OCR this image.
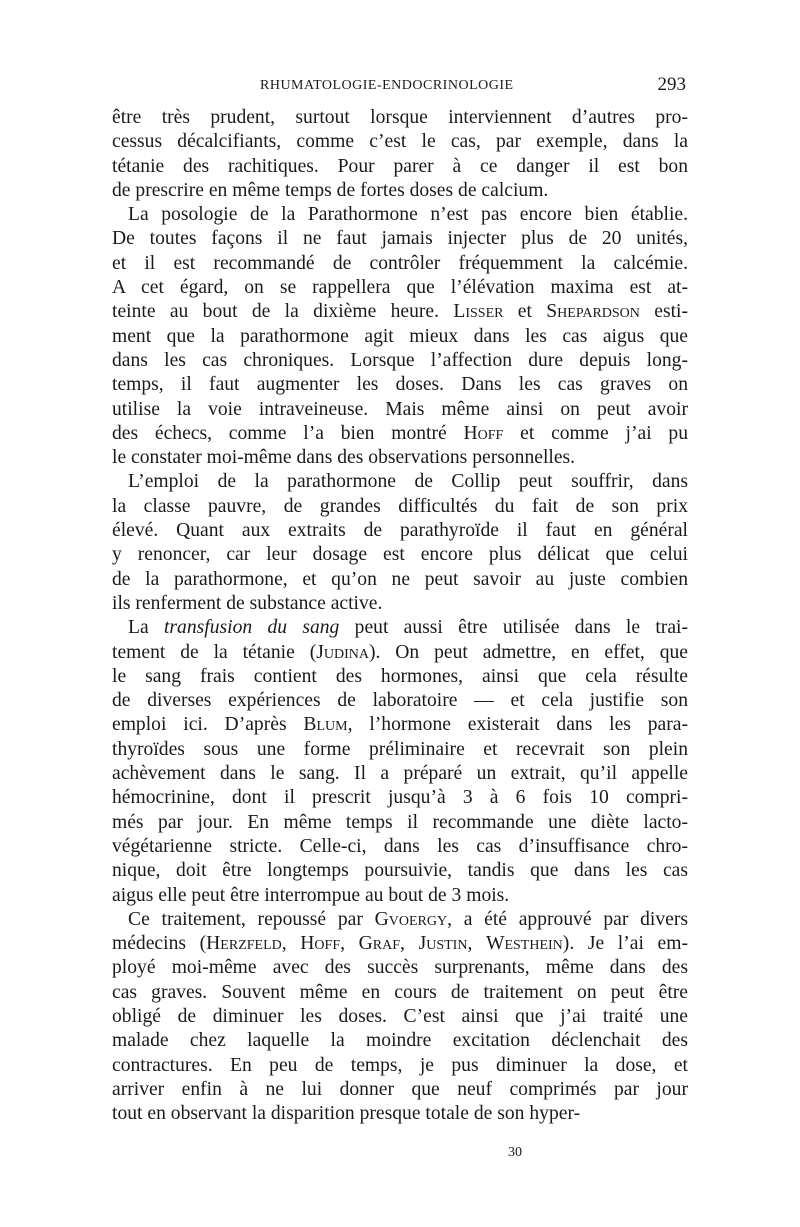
RHUMATOLOGIE-ENDOCRINOLOGIE	293

être très prudent, surtout lorsque interviennent d’autres pro-
cessus décalcifiants, comme c’est le cas, par exemple, dans la
tétanie des rachitiques. Pour parer à ce danger il est bon
de prescrire en même temps de fortes doses de calcium.

La posologie de la Parathormone n’est pas encore bien établie.
De toutes façons il ne faut jamais injecter plus de 20 unités,
et il est recommandé de contrôler fréquemment la calcémie.
A cet égard, on se rappellera que l’élévation maxima est at-
teinte au bout de la dixième heure. Lisser et Shepardson esti-
ment que la parathormone agit mieux dans les cas aigus que
dans les cas chroniques. Lorsque l’affection dure depuis long-
temps, il faut augmenter les doses. Dans les cas graves on
utilise la voie intraveineuse. Mais même ainsi on peut avoir
des échecs, comme l’a bien montré Hoff et comme j’ai pu
le constater moi-même dans des observations personnelles.

L’emploi de la parathormone de Collip peut souffrir, dans
la classe pauvre, de grandes difficultés du fait de son prix
élevé. Quant aux extraits de parathyroïde il faut en général
y renoncer, car leur dosage est encore plus délicat que celui
de la parathormone, et qu’on ne peut savoir au juste combien
ils renferment de substance active.

La transfusion du sang peut aussi être utilisée dans le trai-
tement de la tétanie (Judina). On peut admettre, en effet, que
le sang frais contient des hormones, ainsi que cela résulte
de diverses expériences de laboratoire — et cela justifie son
emploi ici. D’après Blum, l’hormone existerait dans les para-
thyroïdes sous une forme préliminaire et recevrait son plein
achèvement dans le sang. Il a préparé un extrait, qu’il appelle
hémocrinine, dont il prescrit jusqu’à 3 à 6 fois 10 compri-
més par jour. En même temps il recommande une diète lacto-
végétarienne stricte. Celle-ci, dans les cas d’insuffisance chro-
nique, doit être longtemps poursuivie, tandis que dans les cas
aigus elle peut être interrompue au bout de 3 mois.

Ce traitement, repoussé par Gvoergy, a été approuvé par divers
médecins (Herzfeld, Hoff, Graf, Justin, Westhein). Je l’ai em-
ployé moi-même avec des succès surprenants, même dans des
cas graves. Souvent même en cours de traitement on peut être
obligé de diminuer les doses. C’est ainsi que j’ai traité une
malade chez laquelle la moindre excitation déclenchait des
contractures. En peu de temps, je pus diminuer la dose, et
arriver enfin à ne lui donner que neuf comprimés par jour
tout en observant la disparition presque totale de son hyper-

30
